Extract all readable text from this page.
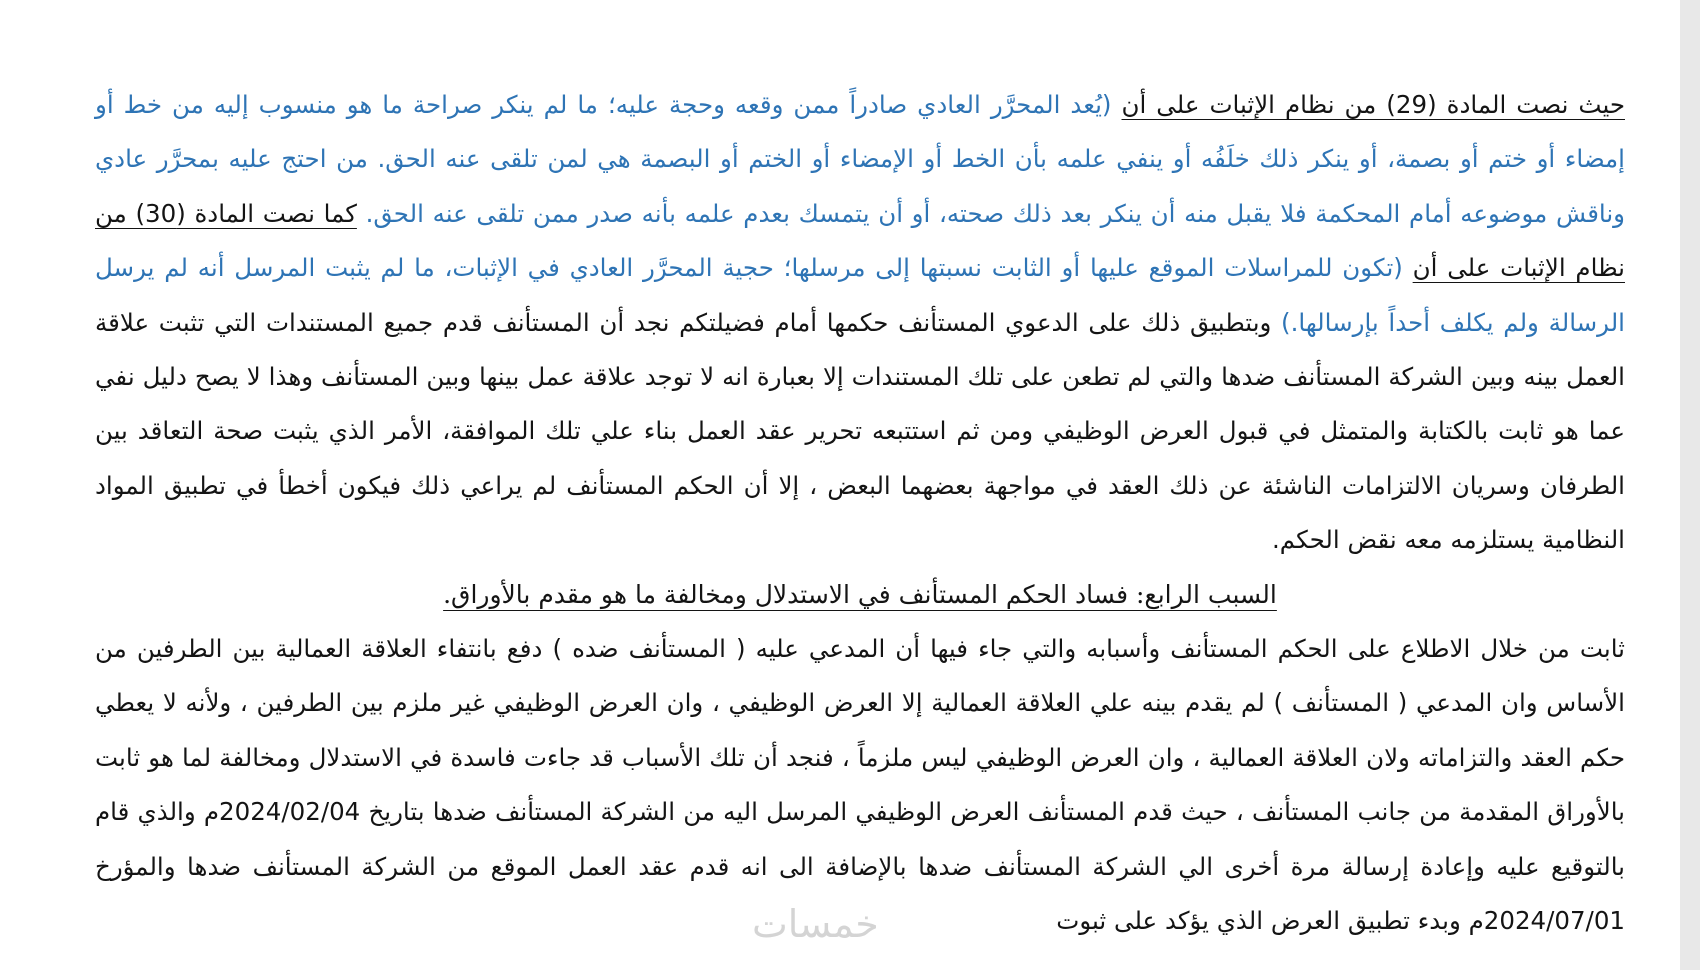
حيث نصت المادة (29) من نظام الإثبات على أن (يُعد المحرَّر العادي صادراً ممن وقعه وحجة عليه؛ ما لم ينكر صراحة ما هو منسوب إليه من خط أو إمضاء أو ختم أو بصمة، أو ينكر ذلك خلَفُه أو ينفي علمه بأن الخط أو الإمضاء أو الختم أو البصمة هي لمن تلقى عنه الحق. من احتج عليه بمحرَّر عادي وناقش موضوعه أمام المحكمة فلا يقبل منه أن ينكر بعد ذلك صحته، أو أن يتمسك بعدم علمه بأنه صدر ممن تلقى عنه الحق. كما نصت المادة (30) من نظام الإثبات على أن (تكون للمراسلات الموقع عليها أو الثابت نسبتها إلى مرسلها؛ حجية المحرَّر العادي في الإثبات، ما لم يثبت المرسل أنه لم يرسل الرسالة ولم يكلف أحداً بإرسالها.) وبتطبيق ذلك على الدعوي المستأنف حكمها أمام فضيلتكم نجد أن المستأنف قدم جميع المستندات التي تثبت علاقة العمل بينه وبين الشركة المستأنف ضدها والتي لم تطعن على تلك المستندات إلا بعبارة انه لا توجد علاقة عمل بينها وبين المستأنف وهذا لا يصح دليل نفي عما هو ثابت بالكتابة والمتمثل في قبول العرض الوظيفي ومن ثم استتبعه تحرير عقد العمل بناء علي تلك الموافقة، الأمر الذي يثبت صحة التعاقد بين الطرفان وسريان الالتزامات الناشئة عن ذلك العقد في مواجهة بعضهما البعض ، إلا أن الحكم المستأنف لم يراعي ذلك فيكون أخطأ في تطبيق المواد النظامية يستلزمه معه نقض الحكم.

السبب الرابع: فساد الحكم المستأنف في الاستدلال ومخالفة ما هو مقدم بالأوراق.

ثابت من خلال الاطلاع على الحكم المستأنف وأسبابه والتي جاء فيها أن المدعي عليه ( المستأنف ضده ) دفع بانتفاء العلاقة العمالية بين الطرفين من الأساس وان المدعي ( المستأنف ) لم يقدم بينه علي العلاقة العمالية إلا العرض الوظيفي ، وان العرض الوظيفي غير ملزم بين الطرفين ، ولأنه لا يعطي حكم العقد والتزاماته ولان العلاقة العمالية ، وان العرض الوظيفي ليس ملزماً ، فنجد أن تلك الأسباب قد جاءت فاسدة في الاستدلال ومخالفة لما هو ثابت بالأوراق المقدمة من جانب المستأنف ، حيث قدم المستأنف العرض الوظيفي المرسل اليه من الشركة المستأنف ضدها بتاريخ 2024/02/04م والذي قام بالتوقيع عليه وإعادة إرسالة مرة أخرى الي الشركة المستأنف ضدها بالإضافة الى انه قدم عقد العمل الموقع من الشركة المستأنف ضدها والمؤرخ 2024/07/01م وبدء تطبيق العرض الذي يؤكد على ثبوت

خمسات
